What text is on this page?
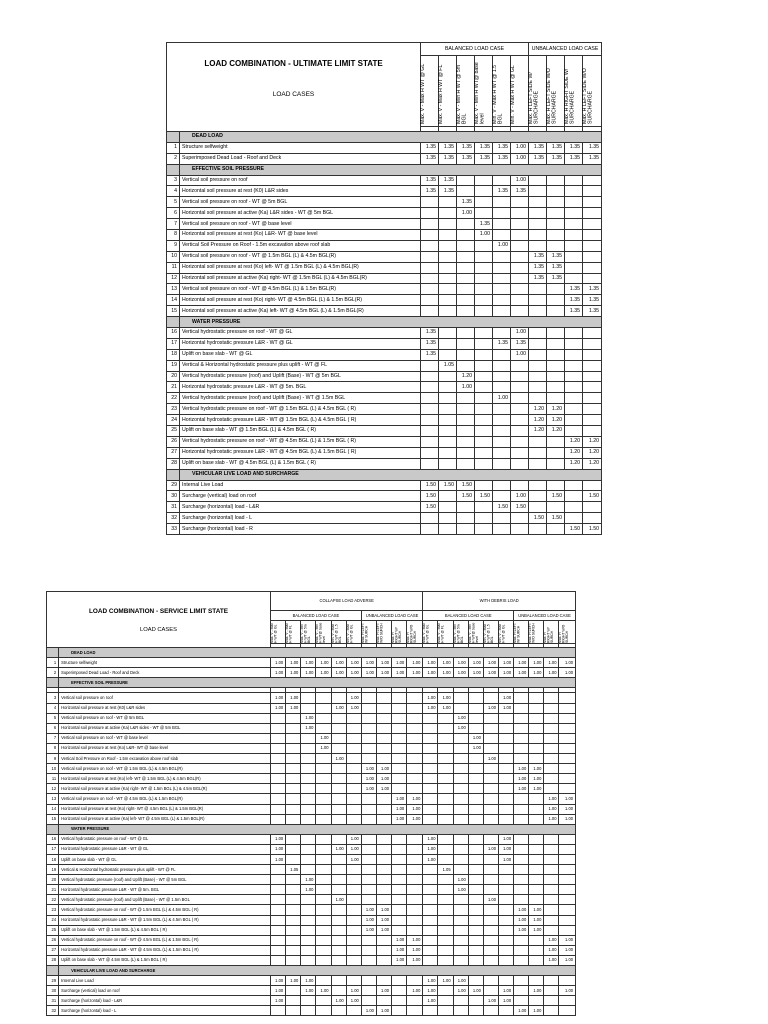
LOAD COMBINATION - ULTIMATE LIMIT STATE
LOAD CASES		BALANCED LOAD CASE						UNBALANCED LOAD CASE			

		Max. V - Max H WT @ GL	Max. V - Max H WT @ FL	Max. V - Min H WT @ 5m BGL	Max. V - Min H WT@ base level	Min. V - Max H WT @ 1.5 BGL	Min. V - Max H WT @ GL	Max. H LEFT SIDE W/ SURCHARGE	Max. H LEFT SIDE W/O SURCHARGE	Max. H RIGHT SIDE W/ SURCHARGE	Max. H LEFT SIDE W/O SURCHARGE

	DEAD LOAD										
1	Structure selfweight	1.35	1.35	1.35	1.35	1.35	1.00	1.35	1.35	1.35	1.35
2	Superimposed Dead Load - Roof and Deck	1.35	1.35	1.35	1.35	1.35	1.00	1.35	1.35	1.35	1.35
	EFFECTIVE SOIL PRESSURE										
3	Vertical soil pressure on roof	1.35	1.35				1.00				
4	Horizontal soil pressure at rest (K0) L&R sides	1.35	1.35			1.35	1.35				
5	Vertical soil pressure on roof - WT @ 5m BGL			1.35							
6	Horizontal soil pressure at active (Ka) L&R sides - WT @ 5m BGL			1.00							
7	Vertical soil pressure on roof - WT @ base level				1.35						
8	Horizontal soil pressure at rest (Ko) L&R- WT @ base level				1.00						
9	Vertical Soil Pressure on Roof - 1.5m excavation above roof slab					1.00					
10	Vertical soil pressure on roof - WT @ 1.5m BGL (L) & 4.5m BGL(R)							1.35	1.35		
11	Horizontal soil pressure at rest (Ko) left- WT @ 1.5m BGL (L) & 4.5m BGL(R)							1.35	1.35		
12	Horizontal soil pressure at active (Ka) right- WT @ 1.5m BGL (L) & 4.5m BGL(R)							1.35	1.35		
13	Vertical soil pressure on roof - WT @ 4.5m BGL (L) & 1.5m BGL(R)									1.35	1.35
14	Horizontal soil pressure at rest (Ko) right- WT @ 4.5m BGL (L) & 1.5m BGL(R)									1.35	1.35
15	Horizontal soil pressure at active (Ka) left- WT @ 4.5m BGL (L) & 1.5m BGL(R)									1.35	1.35
	WATER PRESSURE										
16	Vertical hydrostatic pressure on roof - WT @ GL	1.35					1.00				
17	Horizontal hydrostatic pressure L&R - WT @ GL	1.35				1.35	1.35				
18	Uplift on base slab - WT @ GL	1.35					1.00				
19	Vertical & Horizontal hydrostatic pressure plus uplift - WT @ FL		1.05								
20	Vertical hydrostatic pressure (roof) and Uplift (Base) - WT @ 5m BGL			1.20							
21	Horizontal hydrostatic pressure L&R - WT @ 5m. BGL			1.00							
22	Vertical hydrostatic pressure (roof) and Uplift (Base) - WT @ 1.5m BGL					1.00					
23	Vertical hydrostatic pressure on roof - WT @ 1.5m BGL (L) & 4.5m BGL ( R)							1.20	1.20		
24	Horizontal hydrostatic pressure L&R - WT @ 1.5m BGL (L) & 4.5m BGL ( R)							1.20	1.20		
25	Uplift on base slab - WT @ 1.5m BGL (L) & 4.5m BGL ( R)							1.20	1.20		
26	Vertical hydrostatic pressure on roof - WT @ 4.5m BGL (L) & 1.5m BGL ( R)									1.20	1.20
27	Horizontal hydrostatic pressure L&R - WT @ 4.5m BGL (L) & 1.5m BGL ( R)									1.20	1.20
28	Uplift on base slab - WT @ 4.5m BGL (L) & 1.5m BGL ( R)									1.20	1.20
	VEHICULAR LIVE LOAD AND SURCHARGE										
29	Internal Live Load	1.50	1.50	1.50							
30	Surcharge (vertical) load on roof	1.50		1.50	1.50		1.00		1.50		1.50
31	Surcharge (horizontal) load - L&R	1.50				1.50	1.50				
32	Surcharge (horizontal) load - L							1.50	1.50		
33	Surcharge (horizontal) load - R									1.50	1.50
LOAD COMBINATION - SERVICE LIMIT STATE
LOAD CASES		COLLAPSE LOAD ADVERSE										WITH DEBRIS LOAD									
		BALANCED LOAD CASE						UNBALANCED LOAD CASE				BALANCED LOAD CASE						UNBALANCED LOAD CASE			

		Max. V - Max H WT @ GL	Max. V - Max H WT @ FL	Max. V - Min H WT @ 5m BGL	Max. V - Min H WT@ base level	Min. V - Max H WT @ 1.5 BGL	Min. V - Max H WT @ GL	Max. H LEFT W/ SURCH	Max. H LEFT W/O SURCH	Max. H RIGHT W/ SURCH	Max. H RIGHT W/O SURCH	Max. V - Max H WT @ GL	Max. V - Max H WT @ FL	Max. V - Min H WT @ 5m BGL	Max. V - Min H WT@ base level	Min. V - Max H WT @ 1.5 BGL	Min. V - Max H WT @ GL	Max. H LEFT W/ SURCH	Max. H LEFT W/O SURCH	Max. H RIGHT W/ SURCH	Max. H RIGHT W/O SURCH

	DEAD LOAD																				
1	Structure selfweight	1.00	1.00	1.00	1.00	1.00	1.00	1.00	1.00	1.00	1.00	1.00	1.00	1.00	1.00	1.00	1.00	1.00	1.00	1.00	1.00
2	Superimposed Dead Load - Roof and Deck	1.00	1.00	1.00	1.00	1.00	1.00	1.00	1.00	1.00	1.00	1.00	1.00	1.00	1.00	1.00	1.00	1.00	1.00	1.00	1.00
	EFFECTIVE SOIL PRESSURE																				

3	Vertical soil pressure on roof	1.00	1.00				1.00					1.00	1.00				1.00				
4	Horizontal soil pressure at rest (K0) L&R sides	1.00	1.00			1.00	1.00					1.00	1.00			1.00	1.00				
5	Vertical soil pressure on roof - WT @ 5m BGL			1.00										1.00							
6	Horizontal soil pressure at active (Ka) L&R sides - WT @ 5m BGL			1.00										1.00							
7	Vertical soil pressure on roof - WT @ base level				1.00										1.00						
8	Horizontal soil pressure at rest (Ko) L&R- WT @ base level				1.00										1.00						
9	Vertical Soil Pressure on Roof - 1.5m excavation above roof slab					1.00										1.00					
10	Vertical soil pressure on roof - WT @ 1.5m BGL (L) & 4.5m BGL(R)							1.00	1.00									1.00	1.00		
11	Horizontal soil pressure at rest (Ko) left- WT @ 1.5m BGL (L) & 4.5m BGL(R)							1.00	1.00									1.00	1.00		
12	Horizontal soil pressure at active (Ka) right- WT @ 1.5m BGL (L) & 4.5m BGL(R)							1.00	1.00									1.00	1.00		
13	Vertical soil pressure on roof - WT @ 4.5m BGL (L) & 1.5m BGL(R)									1.00	1.00									1.00	1.00
14	Horizontal soil pressure at rest (Ko) right- WT @ 4.5m BGL (L) & 1.5m BGL(R)									1.00	1.00									1.00	1.00
15	Horizontal soil pressure at active (Ka) left- WT @ 4.5m BGL (L) & 1.5m BGL(R)									1.00	1.00									1.00	1.00
	WATER PRESSURE																				
16	Vertical hydrostatic pressure on roof - WT @ GL	1.00					1.00					1.00					1.00				
17	Horizontal hydrostatic pressure L&R - WT @ GL	1.00				1.00	1.00					1.00				1.00	1.00				
18	Uplift on base slab - WT @ GL	1.00					1.00					1.00					1.00				
19	Vertical & Horizontal hydrostatic pressure plus uplift - WT @ FL		1.05										1.05								
20	Vertical hydrostatic pressure (roof) and Uplift (Base) - WT @ 5m BGL			1.00										1.00							
21	Horizontal hydrostatic pressure L&R - WT @ 5m. BGL			1.00										1.00							
22	Vertical hydrostatic pressure (roof) and Uplift (Base) - WT @ 1.5m BGL					1.00										1.00					
23	Vertical hydrostatic pressure on roof - WT @ 1.5m BGL (L) & 4.5m BGL ( R)							1.00	1.00									1.00	1.00		
24	Horizontal hydrostatic pressure L&R - WT @ 1.5m BGL (L) & 4.5m BGL ( R)							1.00	1.00									1.00	1.00		
25	Uplift on base slab - WT @ 1.5m BGL (L) & 4.5m BGL ( R)							1.00	1.00									1.00	1.00		
26	Vertical hydrostatic pressure on roof - WT @ 4.5m BGL (L) & 1.5m BGL ( R)									1.00	1.00									1.00	1.00
27	Horizontal hydrostatic pressure L&R - WT @ 4.5m BGL (L) & 1.5m BGL ( R)									1.00	1.00									1.00	1.00
28	Uplift on base slab - WT @ 4.5m BGL (L) & 1.5m BGL ( R)									1.00	1.00									1.00	1.00
	VEHICULAR LIVE LOAD AND SURCHARGE																				
29	Internal Live Load	1.00	1.00	1.00								1.00	1.00	1.00							
30	Surcharge (vertical) load on roof	1.00		1.00	1.00		1.00		1.00		1.00	1.00		1.00	1.00		1.00		1.00		1.00
31	Surcharge (horizontal) load - L&R	1.00				1.00	1.00					1.00				1.00	1.00				
32	Surcharge (horizontal) load - L							1.00	1.00									1.00	1.00		
